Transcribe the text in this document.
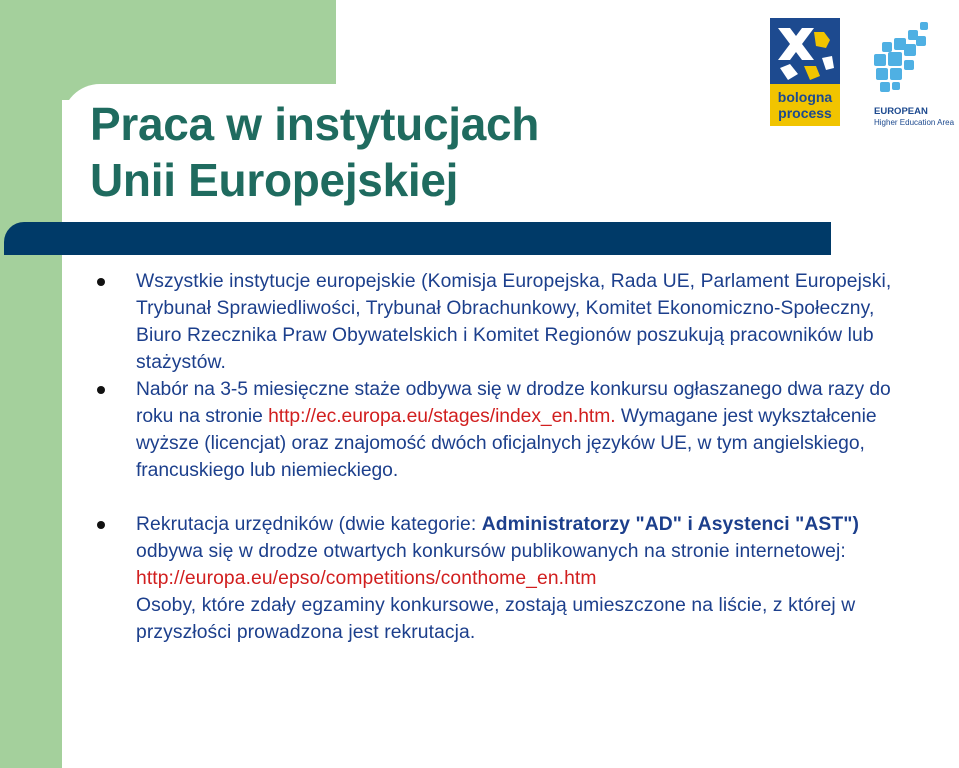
Praca w instytucjach
Unii Europejskiej
bologna
process	EUROPEAN
Higher Education Area

Wszystkie instytucje europejskie (Komisja Europejska, Rada UE, Parlament Europejski, Trybunał Sprawiedliwości, Trybunał Obrachunkowy, Komitet Ekonomiczno-Społeczny, Biuro Rzecznika Praw Obywatelskich i Komitet Regionów poszukują pracowników lub stażystów.

Nabór na 3-5 miesięczne staże odbywa się w drodze konkursu ogłaszanego dwa razy do roku na stronie http://ec.europa.eu/stages/index_en.htm. Wymagane jest wykształcenie wyższe (licencjat) oraz znajomość dwóch oficjalnych języków UE, w tym angielskiego, francuskiego lub niemieckiego.

Rekrutacja urzędników (dwie kategorie: Administratorzy "AD" i Asystenci "AST") odbywa się w drodze otwartych konkursów publikowanych na stronie internetowej: http://europa.eu/epso/competitions/conthome_en.htm
Osoby, które zdały egzaminy konkursowe, zostają umieszczone na liście, z której w przyszłości prowadzona jest rekrutacja.
